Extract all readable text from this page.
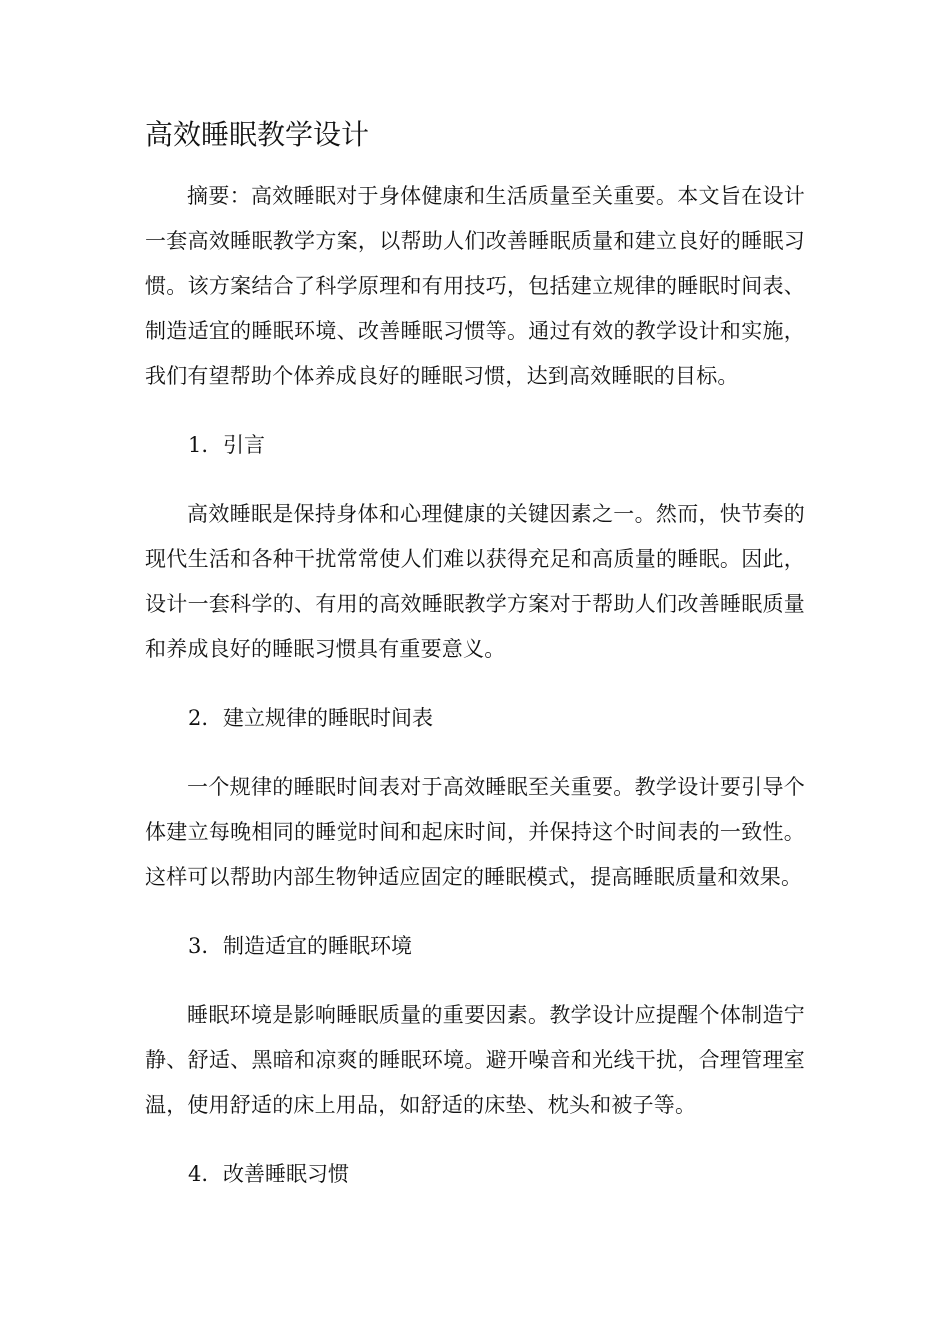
高效睡眠教学设计

摘要：高效睡眠对于身体健康和生活质量至关重要。本文旨在设计一套高效睡眠教学方案，以帮助人们改善睡眠质量和建立良好的睡眠习惯。该方案结合了科学原理和有用技巧，包括建立规律的睡眠时间表、制造适宜的睡眠环境、改善睡眠习惯等。通过有效的教学设计和实施，我们有望帮助个体养成良好的睡眠习惯，达到高效睡眠的目标。

1. 引言

高效睡眠是保持身体和心理健康的关键因素之一。然而，快节奏的现代生活和各种干扰常常使人们难以获得充足和高质量的睡眠。因此，设计一套科学的、有用的高效睡眠教学方案对于帮助人们改善睡眠质量和养成良好的睡眠习惯具有重要意义。

2. 建立规律的睡眠时间表

一个规律的睡眠时间表对于高效睡眠至关重要。教学设计要引导个体建立每晚相同的睡觉时间和起床时间，并保持这个时间表的一致性。这样可以帮助内部生物钟适应固定的睡眠模式，提高睡眠质量和效果。

3. 制造适宜的睡眠环境

睡眠环境是影响睡眠质量的重要因素。教学设计应提醒个体制造宁静、舒适、黑暗和凉爽的睡眠环境。避开噪音和光线干扰，合理管理室温，使用舒适的床上用品，如舒适的床垫、枕头和被子等。

4. 改善睡眠习惯
